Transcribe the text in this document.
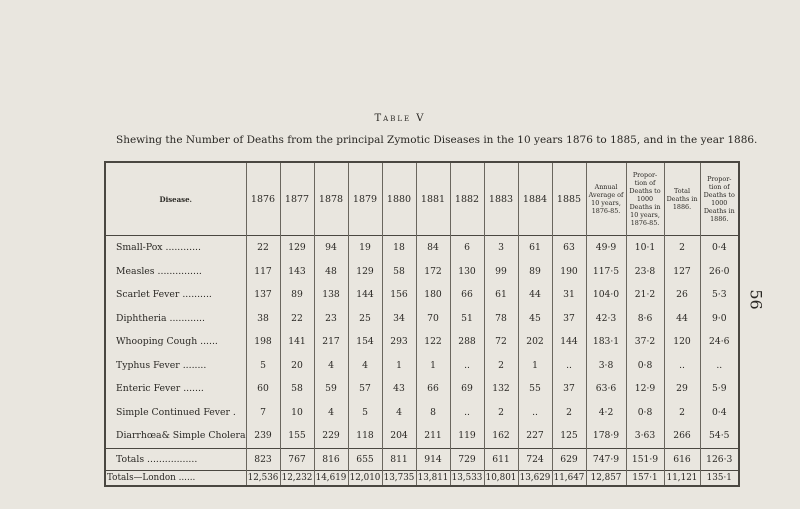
56
Table V
Shewing the Number of Deaths from the principal Zymotic Diseases in the 10 years 1876 to 1885, and in the year 1886.
Disease.	1876	1877	1878	1879	1880	1881	1882	1883	1884	1885	Annual Average of 10 years, 1876-85.	Propor- tion of Deaths to 1000 Deaths in 10 years, 1876-85.	Total Deaths in 1886.	Propor- tion of Deaths to 1000 Deaths in 1886.
Small-Pox ............	22	129	94	19	18	84	6	3	61	63	49·9	10·1	2	0·4
Measles ...............	117	143	48	129	58	172	130	99	89	190	117·5	23·8	127	26·0
Scarlet Fever ..........	137	89	138	144	156	180	66	61	44	31	104·0	21·2	26	5·3
Diphtheria ............	38	22	23	25	34	70	51	78	45	37	42·3	8·6	44	9·0
Whooping Cough ......	198	141	217	154	293	122	288	72	202	144	183·1	37·2	120	24·6
Typhus Fever ........	5	20	4	4	1	1	..	2	1	..	3·8	0·8	..	..
Enteric Fever .......	60	58	59	57	43	66	69	132	55	37	63·6	12·9	29	5·9
Simple Continued Fever .	7	10	4	5	4	8	..	2	..	2	4·2	0·8	2	0·4
Diarrhœa& Simple Cholera	239	155	229	118	204	211	119	162	227	125	178·9	3·63	266	54·5
Totals .................	823	767	816	655	811	914	729	611	724	629	747·9	151·9	616	126·3
Totals—London ......	12,536	12,232	14,619	12,010	13,735	13,811	13,533	10,801	13,629	11,647	12,857	157·1	11,121	135·1
